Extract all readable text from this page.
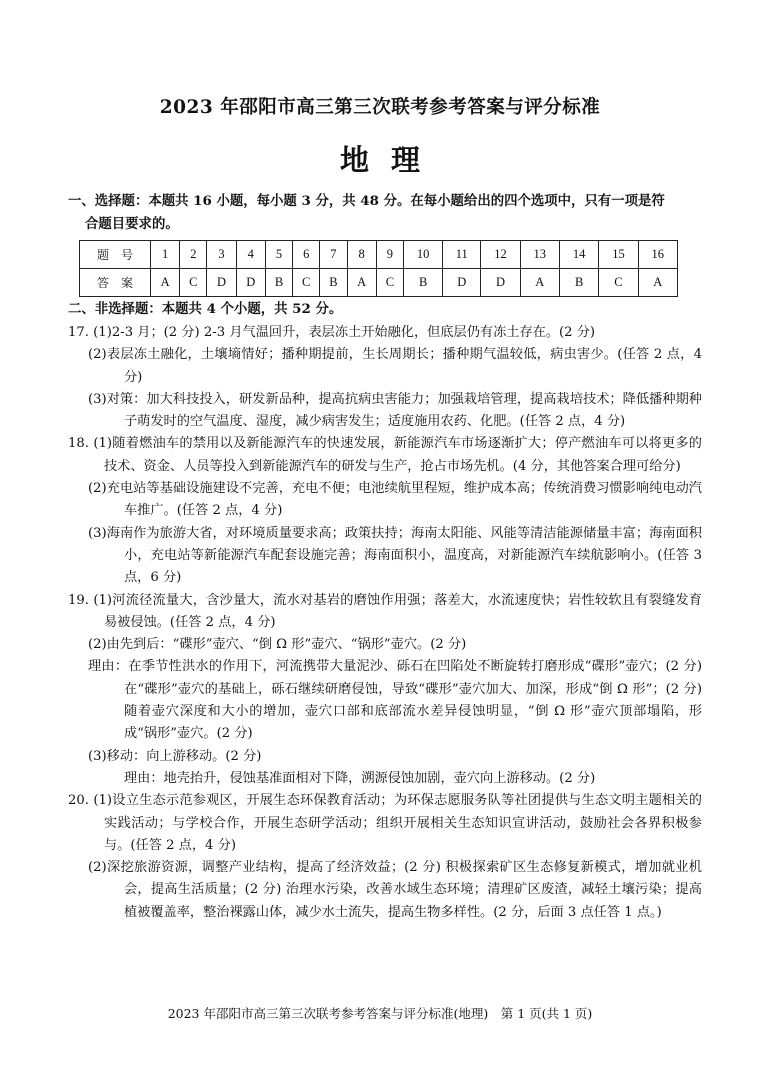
2023 年邵阳市高三第三次联考参考答案与评分标准
地理
一、选择题：本题共 16 小题，每小题 3 分，共 48 分。在每小题给出的四个选项中，只有一项是符
合题目要求的。
题号	1	2	3	4	5	6	7	8	9	10	11	12	13	14	15	16
答案	A	C	D	D	B	C	B	A	C	B	D	D	A	B	C	A
二、非选择题：本题共 4 个小题，共 52 分。

17. (1)2-3 月；(2 分) 2-3 月气温回升，表层冻土开始融化，但底层仍有冻土存在。(2 分)

(2)表层冻土融化，土壤墒情好；播种期提前，生长周期长；播种期气温较低，病虫害少。(任答 2 点，4 分)

(3)对策：加大科技投入，研发新品种，提高抗病虫害能力；加强栽培管理，提高栽培技术；降低播种期种子萌发时的空气温度、湿度，减少病害发生；适度施用农药、化肥。(任答 2 点，4 分)

18. (1)随着燃油车的禁用以及新能源汽车的快速发展，新能源汽车市场逐渐扩大；停产燃油车可以将更多的技术、资金、人员等投入到新能源汽车的研发与生产，抢占市场先机。(4 分，其他答案合理可给分)

(2)充电站等基础设施建设不完善，充电不便；电池续航里程短，维护成本高；传统消费习惯影响纯电动汽车推广。(任答 2 点，4 分)

(3)海南作为旅游大省，对环境质量要求高；政策扶持；海南太阳能、风能等清洁能源储量丰富；海南面积小，充电站等新能源汽车配套设施完善；海南面积小，温度高，对新能源汽车续航影响小。(任答 3 点，6 分)

19. (1)河流径流量大，含沙量大，流水对基岩的磨蚀作用强；落差大，水流速度快；岩性较软且有裂缝发育易被侵蚀。(任答 2 点，4 分)

(2)由先到后：“碟形”壶穴、“倒 Ω 形”壶穴、“锅形”壶穴。(2 分)

理由：在季节性洪水的作用下，河流携带大量泥沙、砾石在凹陷处不断旋转打磨形成“碟形”壶穴；(2 分) 在“碟形”壶穴的基础上，砾石继续研磨侵蚀，导致“碟形”壶穴加大、加深，形成“倒 Ω 形”；(2 分) 随着壶穴深度和大小的增加，壶穴口部和底部流水差异侵蚀明显，“倒 Ω 形”壶穴顶部塌陷，形成“锅形”壶穴。(2 分)

(3)移动：向上游移动。(2 分)

理由：地壳抬升，侵蚀基准面相对下降，溯源侵蚀加剧，壶穴向上游移动。(2 分)

20. (1)设立生态示范参观区，开展生态环保教育活动；为环保志愿服务队等社团提供与生态文明主题相关的实践活动；与学校合作，开展生态研学活动；组织开展相关生态知识宣讲活动，鼓励社会各界积极参与。(任答 2 点，4 分)

(2)深挖旅游资源，调整产业结构，提高了经济效益；(2 分) 积极探索矿区生态修复新模式，增加就业机会，提高生活质量；(2 分) 治理水污染，改善水域生态环境；清理矿区废渣，减轻土壤污染；提高植被覆盖率，整治裸露山体，减少水土流失，提高生物多样性。(2 分，后面 3 点任答 1 点。)

2023 年邵阳市高三第三次联考参考答案与评分标准(地理)　第 1 页(共 1 页)
